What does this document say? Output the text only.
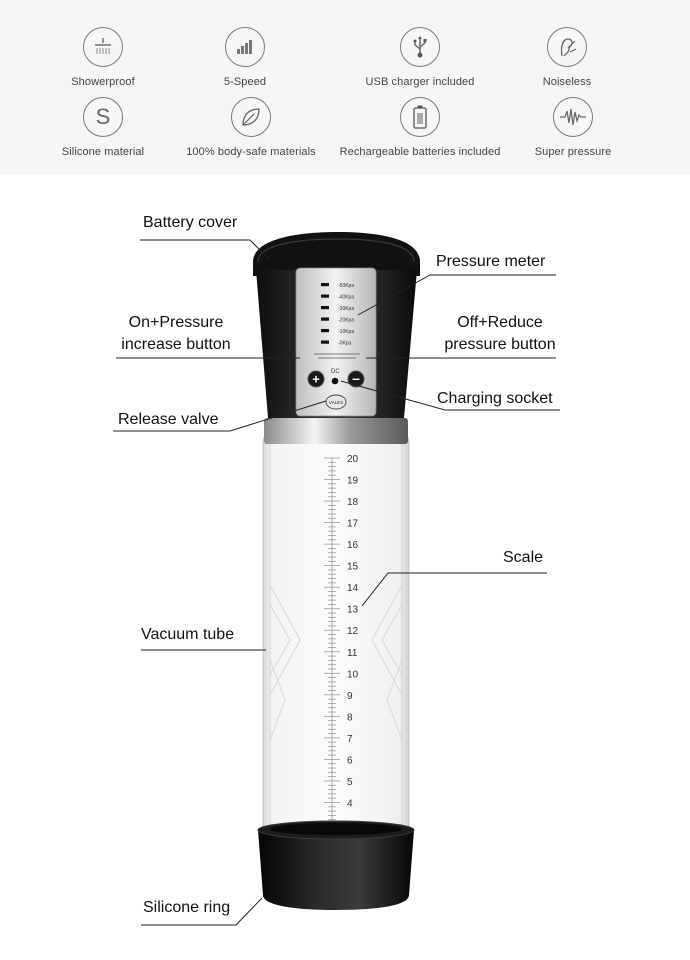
Showerproof	5-Speed	USB charger included	Noiseless
S
Silicone material	100% body-safe materials	Rechargeable batteries included	Super pressure
20
19
18
17
16
15
14
13
12
11
10
9
8
7
6
5
4
-50Kpa
-40Kpa
-30Kpa
-20Kpa
-10Kpa
-0Kpa
DC
+ –
VALES
Battery cover
Pressure meter
On+Pressure
increase button
Off+Reduce
pressure button
Charging socket
Release valve
Scale
Vacuum tube
Silicone ring
